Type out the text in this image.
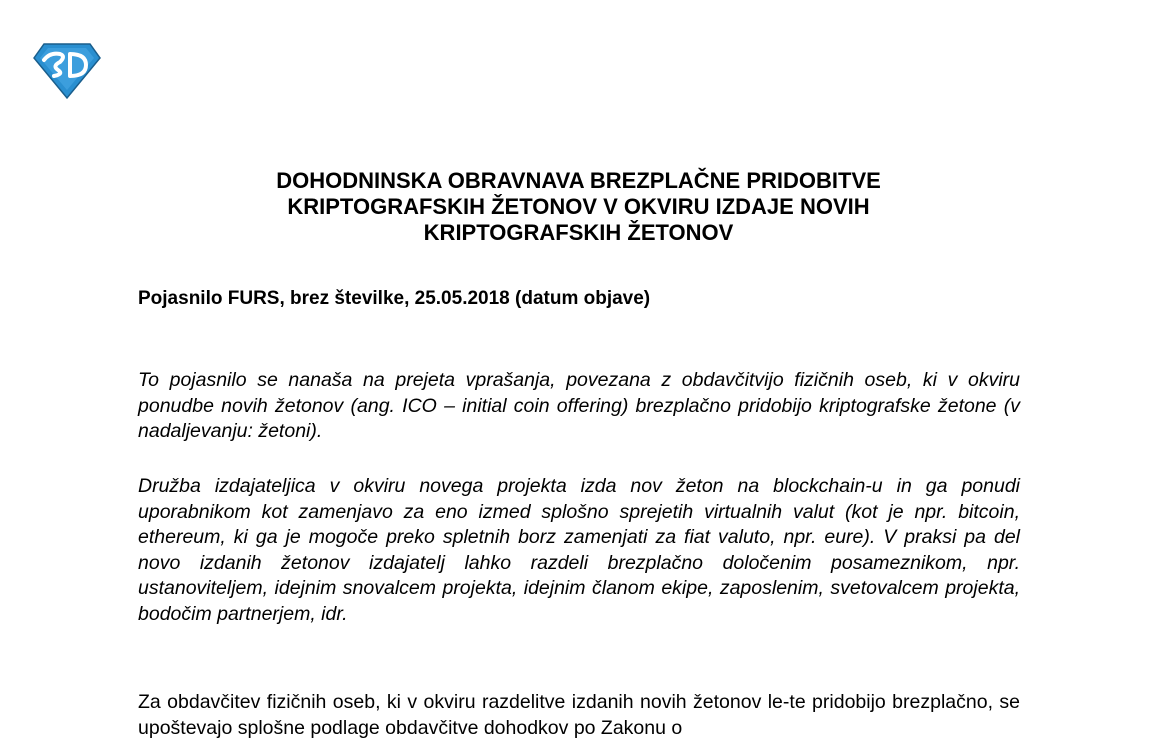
DOHODNINSKA OBRAVNAVA BREZPLAČNE PRIDOBITVE
KRIPTOGRAFSKIH ŽETONOV V OKVIRU IZDAJE NOVIH
KRIPTOGRAFSKIH ŽETONOV

Pojasnilo FURS, brez številke, 25.05.2018 (datum objave)

To pojasnilo se nanaša na prejeta vprašanja, povezana z obdavčitvijo fizičnih oseb, ki v okviru ponudbe novih žetonov (ang. ICO – initial coin offering) brezplačno pridobijo kriptografske žetone (v nadaljevanju: žetoni).

Družba izdajateljica v okviru novega projekta izda nov žeton na blockchain-u in ga ponudi uporabnikom kot zamenjavo za eno izmed splošno sprejetih virtualnih valut (kot je npr. bitcoin, ethereum, ki ga je mogoče preko spletnih borz zamenjati za fiat valuto, npr. eure). V praksi pa del novo izdanih žetonov izdajatelj lahko razdeli brezplačno določenim posameznikom, npr. ustanoviteljem, idejnim snovalcem projekta, idejnim članom ekipe, zaposlenim, svetovalcem projekta, bodočim partnerjem, idr.

Za obdavčitev fizičnih oseb, ki v okviru razdelitve izdanih novih žetonov le-te pridobijo brezplačno, se upoštevajo splošne podlage obdavčitve dohodkov po Zakonu o
